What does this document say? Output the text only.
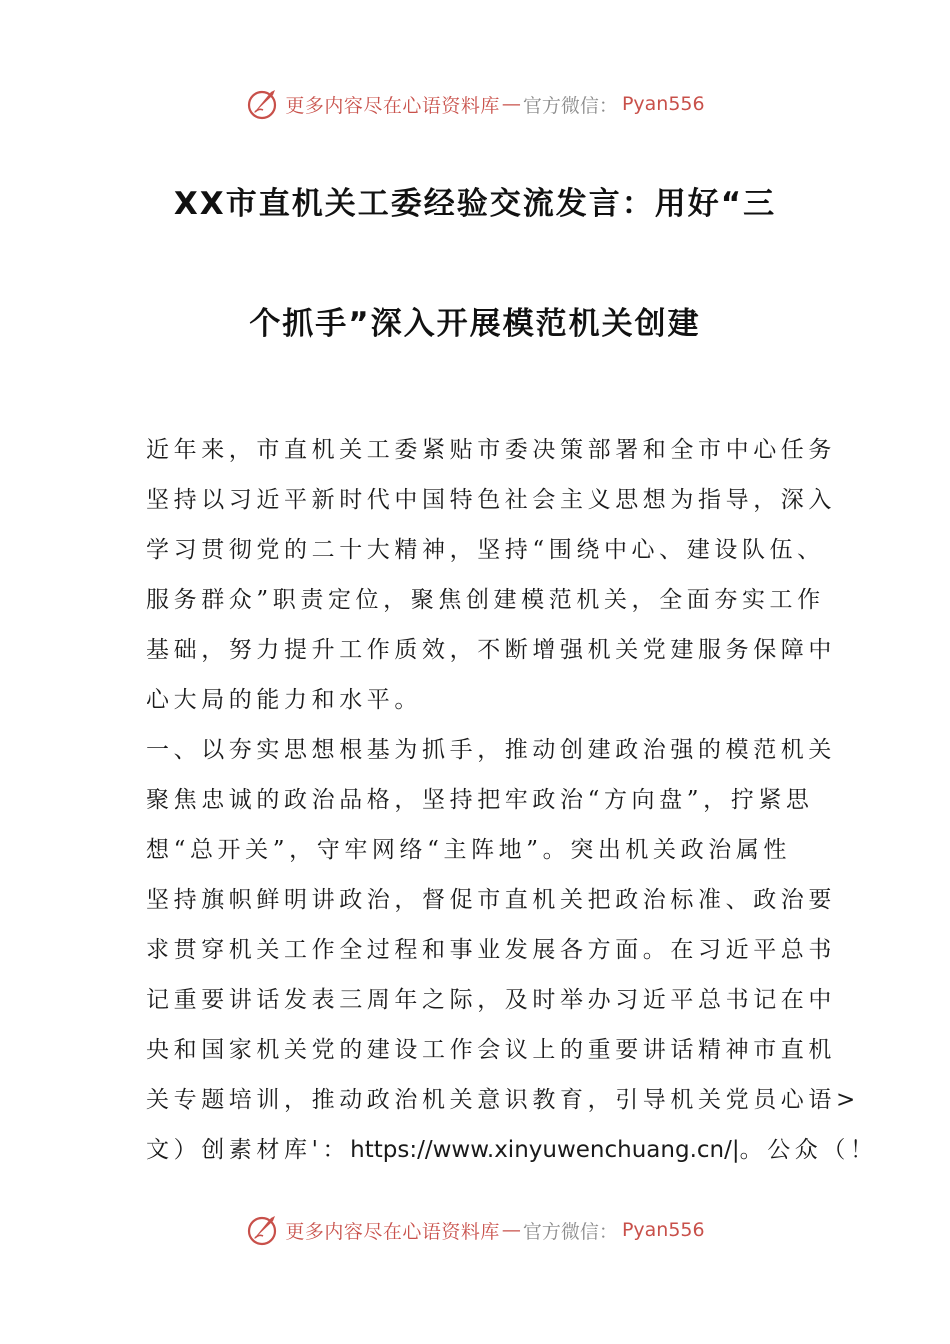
更多内容尽在心语资料库 — 官方微信： Pyan556
XX市直机关工委经验交流发言：用好“三
个抓手”深入开展模范机关创建
近年来，市直机关工委紧贴市委决策部署和全市中心任务
坚持以习近平新时代中国特色社会主义思想为指导，深入
学习贯彻党的二十大精神，坚持“围绕中心、建设队伍、
服务群众”职责定位，聚焦创建模范机关，全面夯实工作
基础，努力提升工作质效，不断增强机关党建服务保障中
心大局的能力和水平。
一、以夯实思想根基为抓手，推动创建政治强的模范机关
聚焦忠诚的政治品格，坚持把牢政治“方向盘”，拧紧思
想“总开关”，守牢网络“主阵地”。突出机关政治属性
坚持旗帜鲜明讲政治，督促市直机关把政治标准、政治要
求贯穿机关工作全过程和事业发展各方面。在习近平总书
记重要讲话发表三周年之际，及时举办习近平总书记在中
央和国家机关党的建设工作会议上的重要讲话精神市直机
关专题培训，推动政治机关意识教育，引导机关党员心语>
文）创素材库'：https://www.xinyuwenchuang.cn/|。公众（！
更多内容尽在心语资料库 — 官方微信： Pyan556
